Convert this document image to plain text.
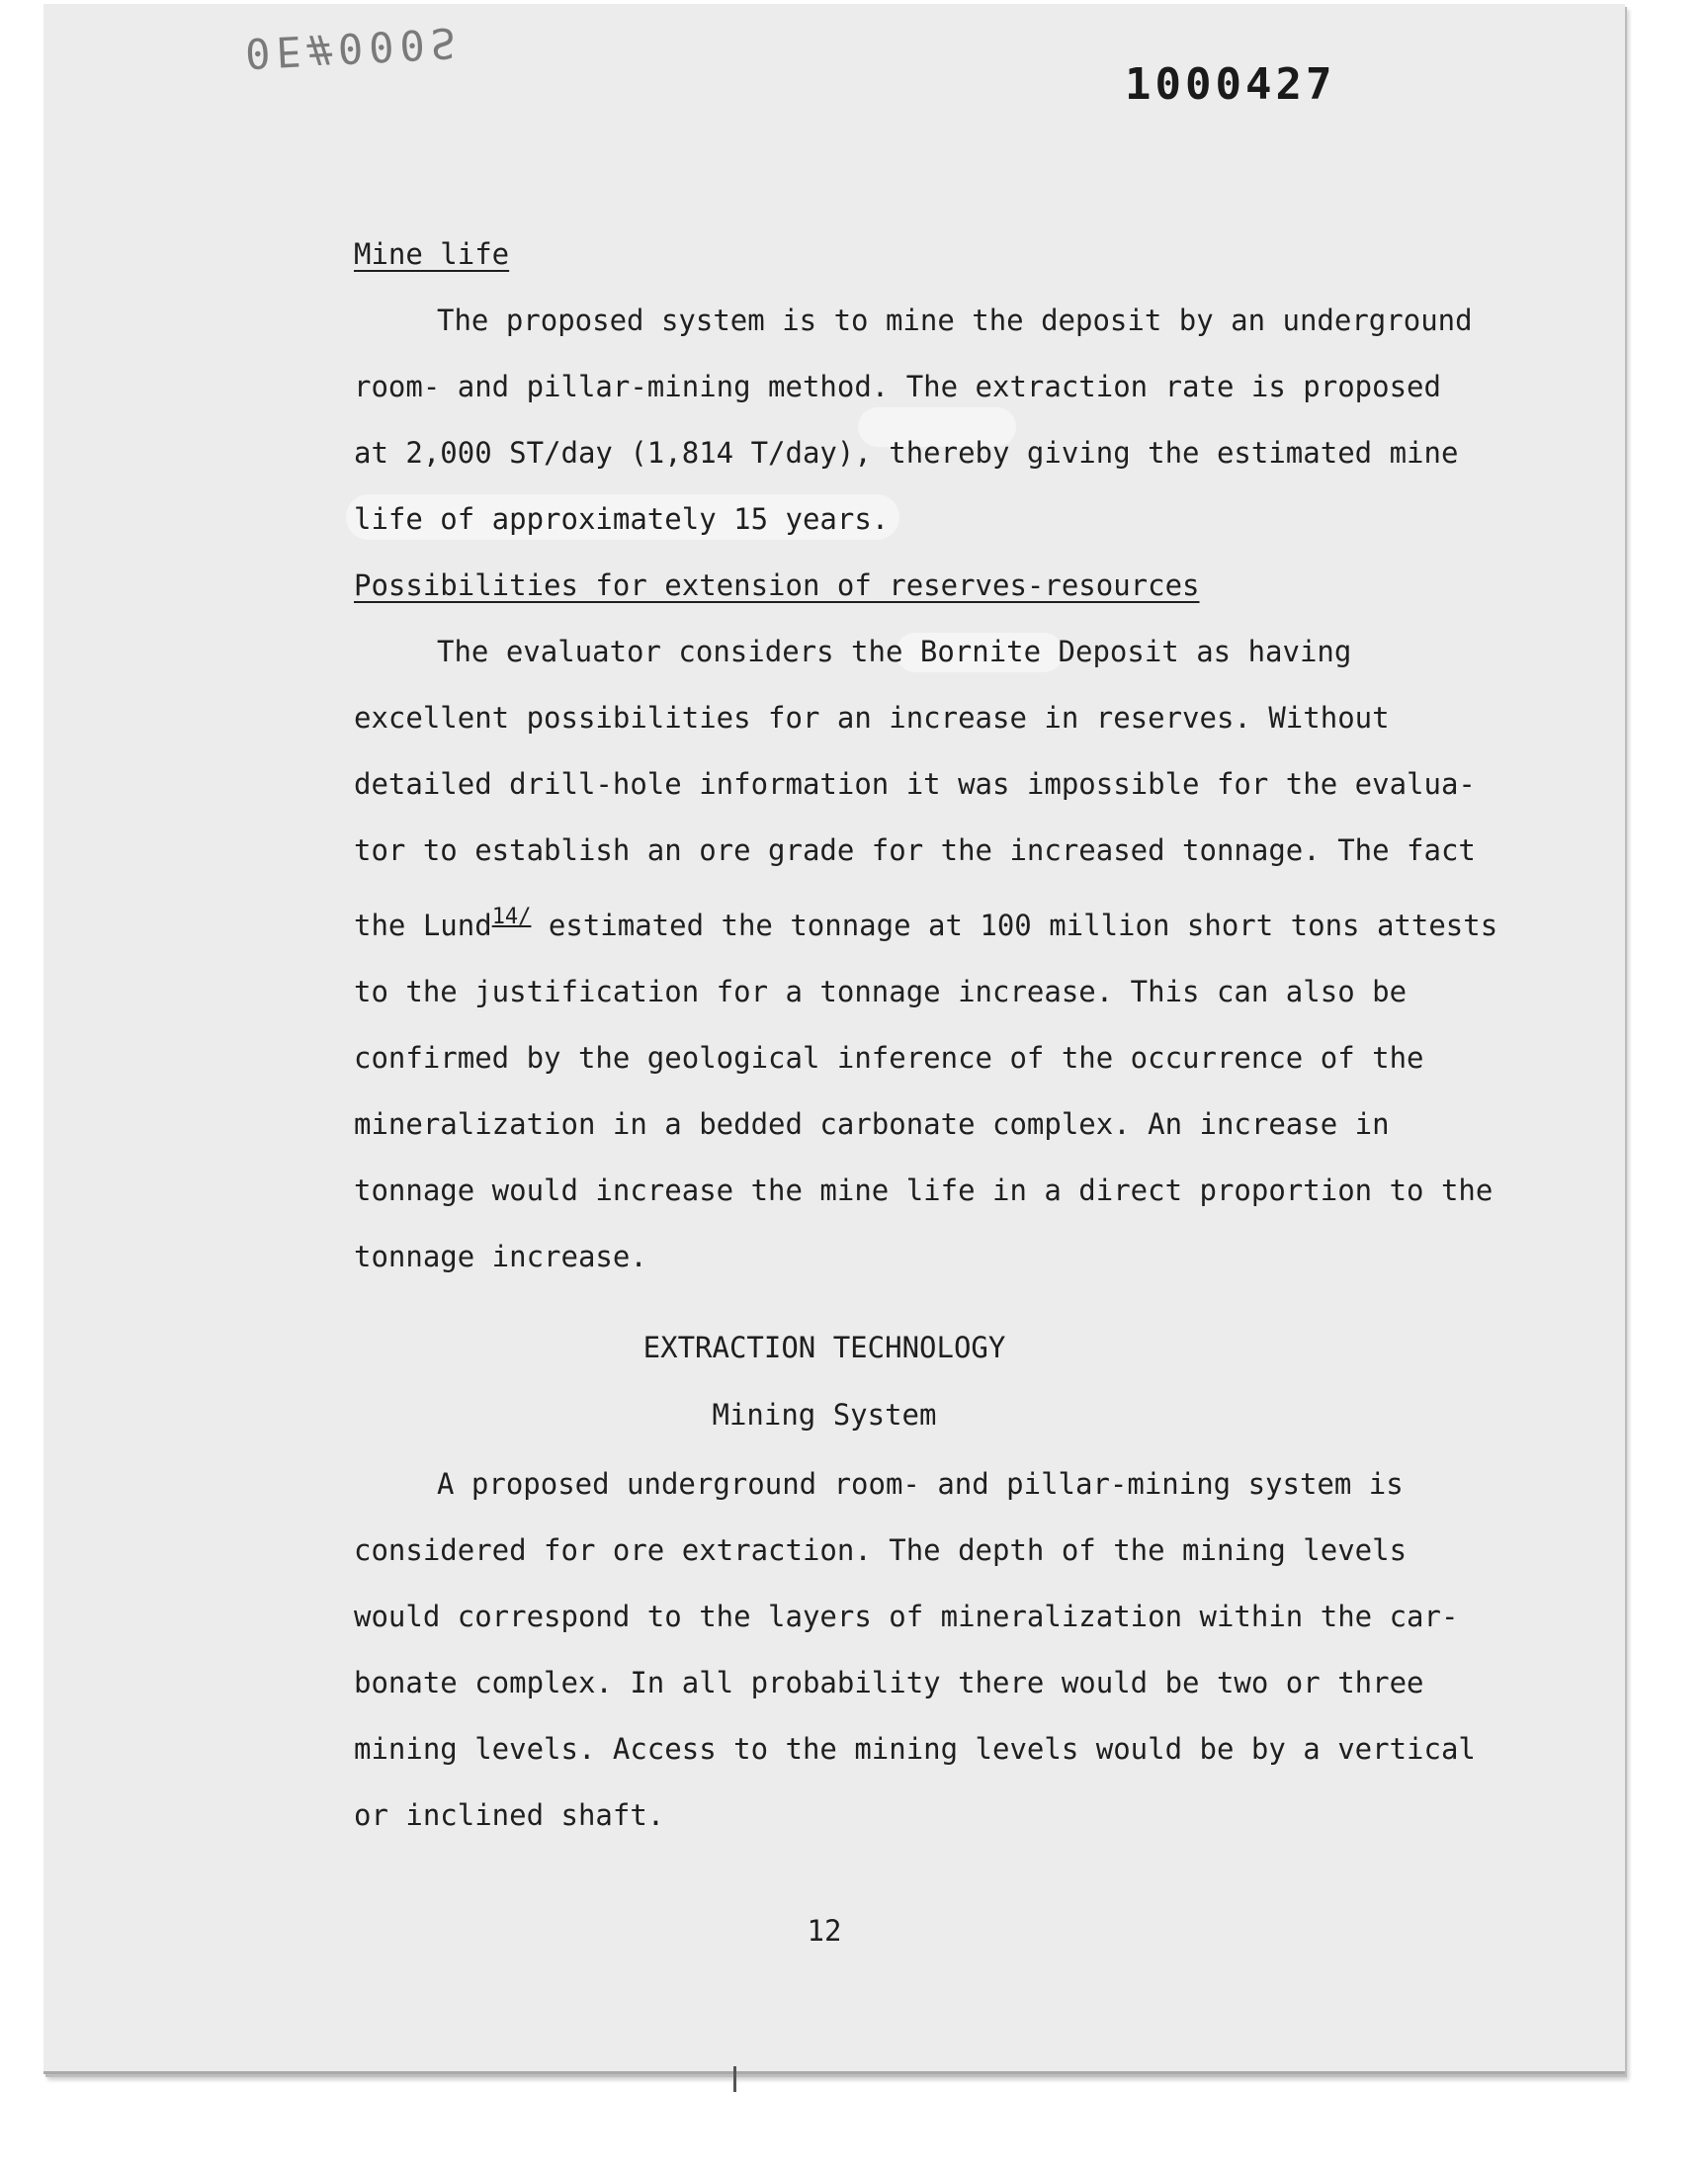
0E#000S
1000427
Mine life
The proposed system is to mine the deposit by an underground
room- and pillar-mining method. The extraction rate is proposed
at 2,000 ST/day (1,814 T/day), thereby giving the estimated mine
life of approximately 15 years.
Possibilities for extension of reserves-resources
The evaluator considers the Bornite Deposit as having
excellent possibilities for an increase in reserves. Without
detailed drill-hole information it was impossible for the evalua-
tor to establish an ore grade for the increased tonnage. The fact
the Lund$^{14/}$ estimated the tonnage at 100 million short tons attests
to the justification for a tonnage increase. This can also be
confirmed by the geological inference of the occurrence of the
mineralization in a bedded carbonate complex. An increase in
tonnage would increase the mine life in a direct proportion to the
tonnage increase.
EXTRACTION TECHNOLOGY
Mining System
A proposed underground room- and pillar-mining system is
considered for ore extraction. The depth of the mining levels
would correspond to the layers of mineralization within the car-
bonate complex. In all probability there would be two or three
mining levels. Access to the mining levels would be by a vertical
or inclined shaft.
12
